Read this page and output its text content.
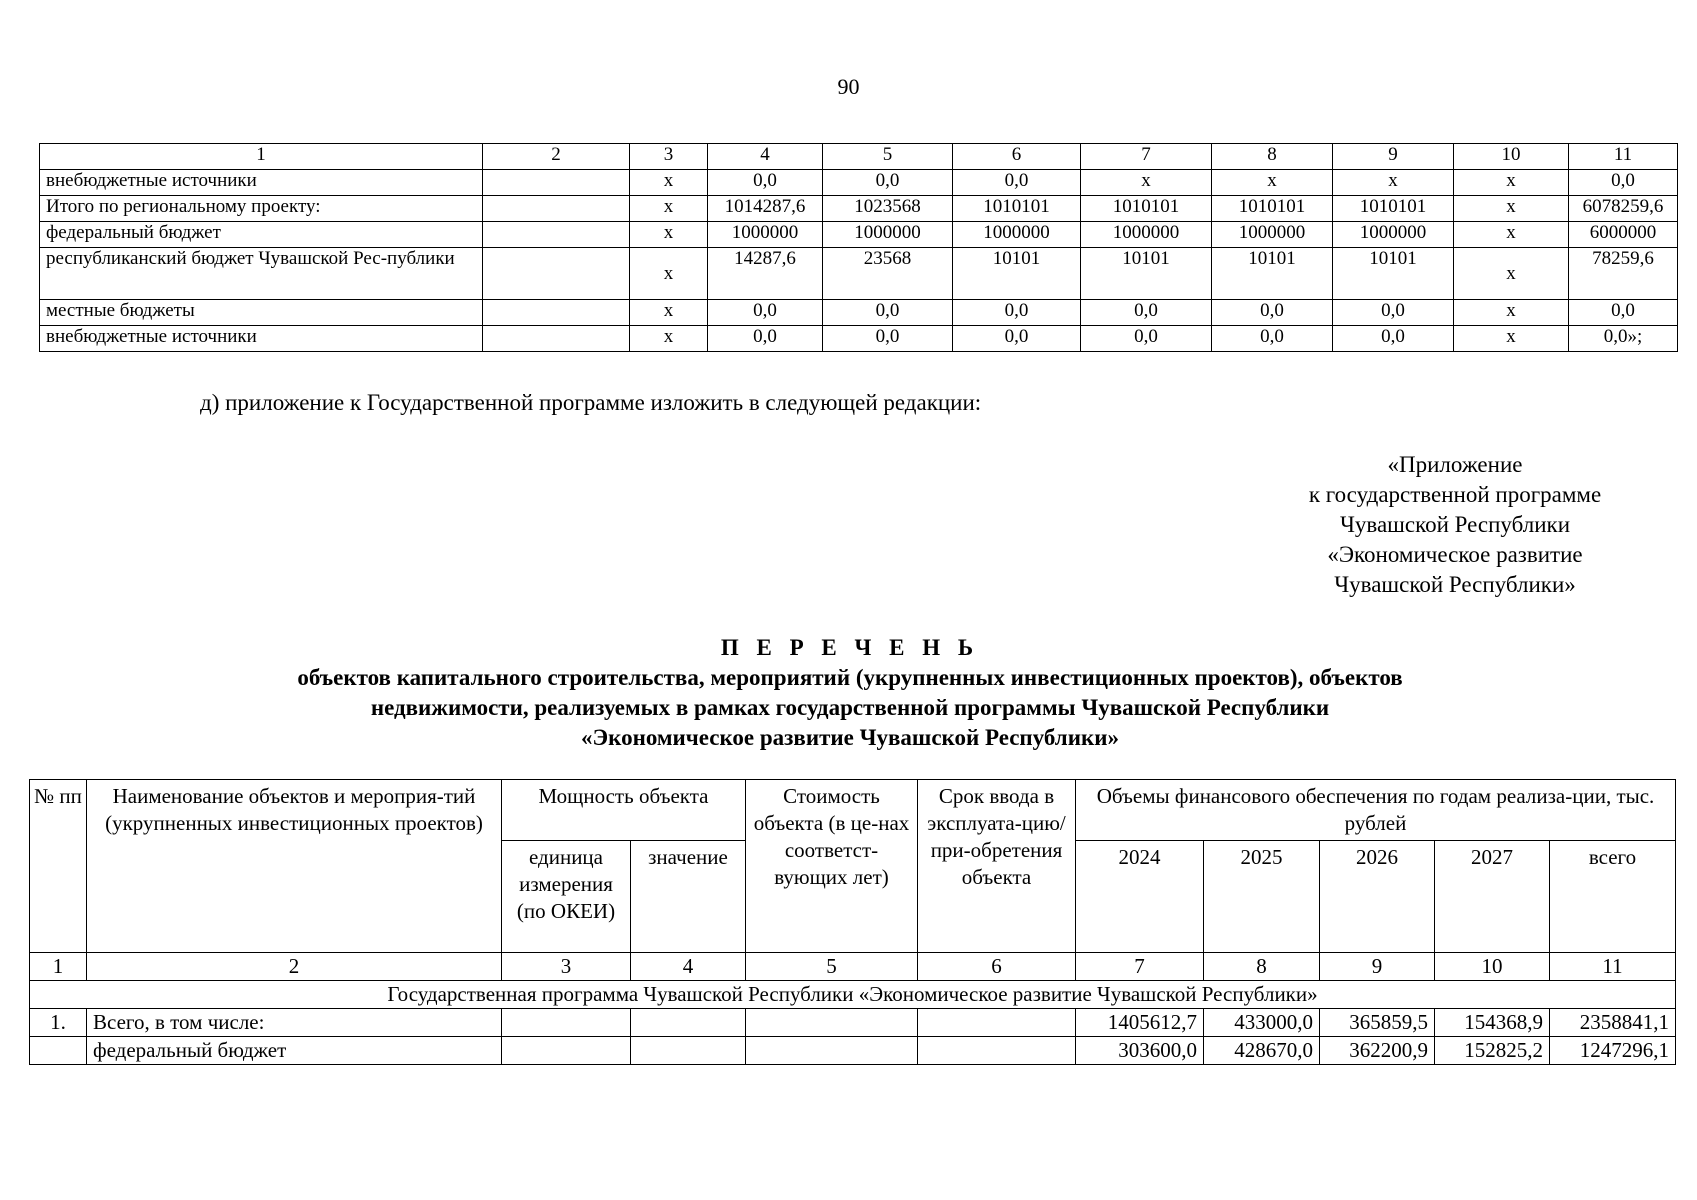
90
1	2	3	4	5	6	7	8	9	10	11
внебюджетные источники		x	0,0	0,0	0,0	x	x	x	x	0,0
Итого по региональному проекту:		x	1014287,6	1023568	1010101	1010101	1010101	1010101	x	6078259,6
федеральный бюджет		x	1000000	1000000	1000000	1000000	1000000	1000000	x	6000000
республиканский бюджет Чувашской Рес-публики		x	14287,6	23568	10101	10101	10101	10101	x	78259,6
местные бюджеты		x	0,0	0,0	0,0	0,0	0,0	0,0	x	0,0
внебюджетные источники		x	0,0	0,0	0,0	0,0	0,0	0,0	x	0,0»;
д) приложение к Государственной программе изложить в следующей редакции:
«Приложение
к государственной программе
Чувашской Республики
«Экономическое развитие
Чувашской Республики»
П Е Р Е Ч Е Н Ь
объектов капитального строительства, мероприятий (укрупненных инвестиционных проектов), объектов
недвижимости, реализуемых в рамках государственной программы Чувашской Республики
«Экономическое развитие Чувашской Республики»
№ пп	Наименование объектов и мероприя-тий (укрупненных инвестиционных проектов)	Мощность объекта		Стоимость объекта (в це-нах соответст-вующих лет)	Срок ввода в эксплуата-цию/при-обретения объекта	Объемы финансового обеспечения по годам реализа-ции, тыс. рублей				
		единица измерения (по ОКЕИ)	значение			2024	2025	2026	2027	всего
1	2	3	4	5	6	7	8	9	10	11
Государственная программа Чувашской Республики «Экономическое развитие Чувашской Республики»										
1.	Всего, в том числе:					1405612,7	433000,0	365859,5	154368,9	2358841,1
	федеральный бюджет					303600,0	428670,0	362200,9	152825,2	1247296,1
